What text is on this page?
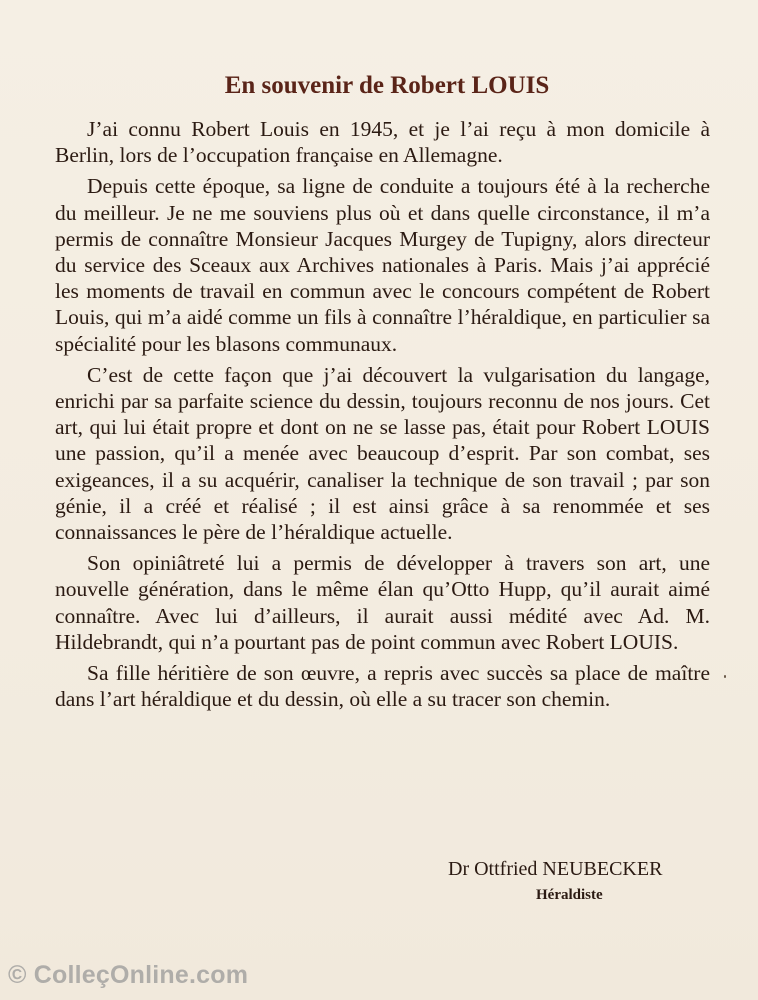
En souvenir de Robert LOUIS

J’ai connu Robert Louis en 1945, et je l’ai reçu à mon domicile à Berlin, lors de l’occupation française en Allemagne.

Depuis cette époque, sa ligne de conduite a toujours été à la recherche du meilleur. Je ne me souviens plus où et dans quelle circonstance, il m’a permis de connaître Monsieur Jacques Murgey de Tupigny, alors directeur du service des Sceaux aux Archives nationales à Paris. Mais j’ai apprécié les moments de travail en commun avec le concours compétent de Robert Louis, qui m’a aidé comme un fils à connaître l’héraldique, en particulier sa spécialité pour les blasons communaux.

C’est de cette façon que j’ai découvert la vulgarisation du langage, enrichi par sa parfaite science du dessin, toujours reconnu de nos jours. Cet art, qui lui était propre et dont on ne se lasse pas, était pour Robert LOUIS une passion, qu’il a menée avec beaucoup d’esprit. Par son combat, ses exigeances, il a su acquérir, canaliser la technique de son travail ; par son génie, il a créé et réalisé ; il est ainsi grâce à sa renommée et ses connaissances le père de l’héraldique actuelle.

Son opiniâtreté lui a permis de développer à travers son art, une nouvelle génération, dans le même élan qu’Otto Hupp, qu’il aurait aimé connaître. Avec lui d’ailleurs, il aurait aussi médité avec Ad. M. Hildebrandt, qui n’a pourtant pas de point commun avec Robert LOUIS.

Sa fille héritière de son œuvre, a repris avec succès sa place de maître dans l’art héraldique et du dessin, où elle a su tracer son chemin.

Dr Ottfried NEUBECKER
Héraldiste
© ColleçOnline.com
